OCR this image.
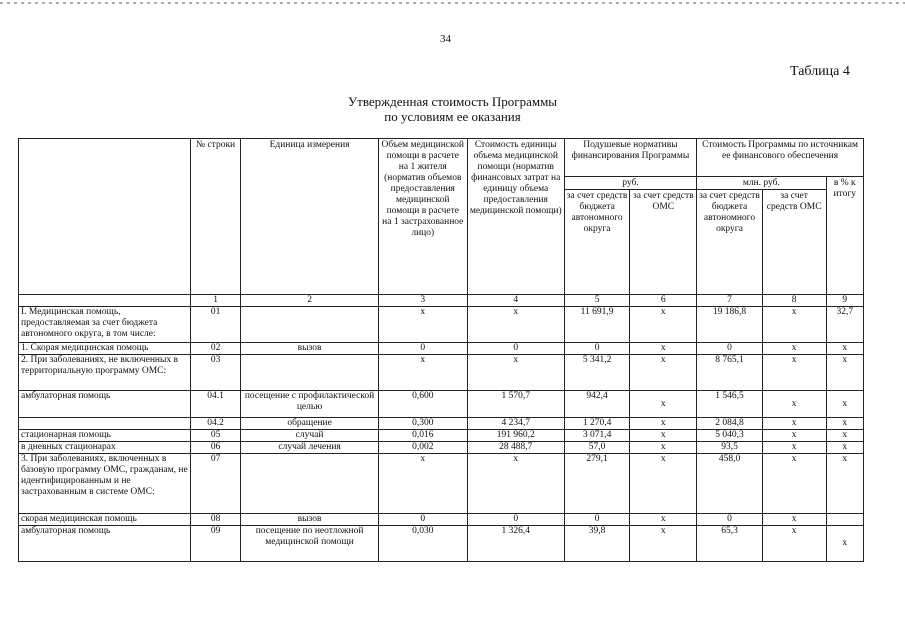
34
Таблица 4
Утвержденная стоимость Программы
по условиям ее оказания
	№ строки	Единица измерения	Объем медицинской помощи в расчете на 1 жителя (норматив объемов предоставления медицинской помощи в расчете на 1 застрахованное лицо)	Стоимость единицы объема медицинской помощи (норматив финансовых затрат на единицу объема предоставления медицинской помощи)	Подушевые нормативы финансирования Программы		Стоимость Программы по источникам ее финансового обеспечения		
					руб.		млн. руб.		в % к итогу
					за счет средств бюджета автономного округа	за счет средств ОМС	за счет средств бюджета автономного округа	за счет средств ОМС	
	1	2	3	4	5	6	7	8	9
I. Медицинская помощь, предоставляемая за счет бюджета автономного округа, в том числе:	01		x	x	11 691,9	x	19 186,8	x	32,7
1. Скорая медицинская помощь	02	вызов	0	0	0	x	0	x	x
2. При заболеваниях, не включенных в территориальную программу ОМС:	03		x	x	5 341,2	x	8 765,1	x	x
амбулаторная помощь	04.1	посещение с профилактической целью	0,600	1 570,7	942,4	x	1 546,5	x	x
	04.2	обращение	0,300	4 234,7	1 270,4	x	2 084,8	x	x
стационарная помощь	05	случай	0,016	191 960,2	3 071,4	x	5 040,3	x	x
в дневных стационарах	06	случай лечения	0,002	28 488,7	57,0	x	93,5	x	x
3. При заболеваниях, включенных в базовую программу ОМС, гражданам, не идентифицированным и не застрахованным в системе ОМС:	07		x	x	279,1	x	458,0	x	x
скорая медицинская помощь	08	вызов	0	0	0	x	0	x	
амбулаторная помощь	09	посещение по неотложной медицинской помощи	0,030	1 326,4	39,8	x	65,3	x	x
